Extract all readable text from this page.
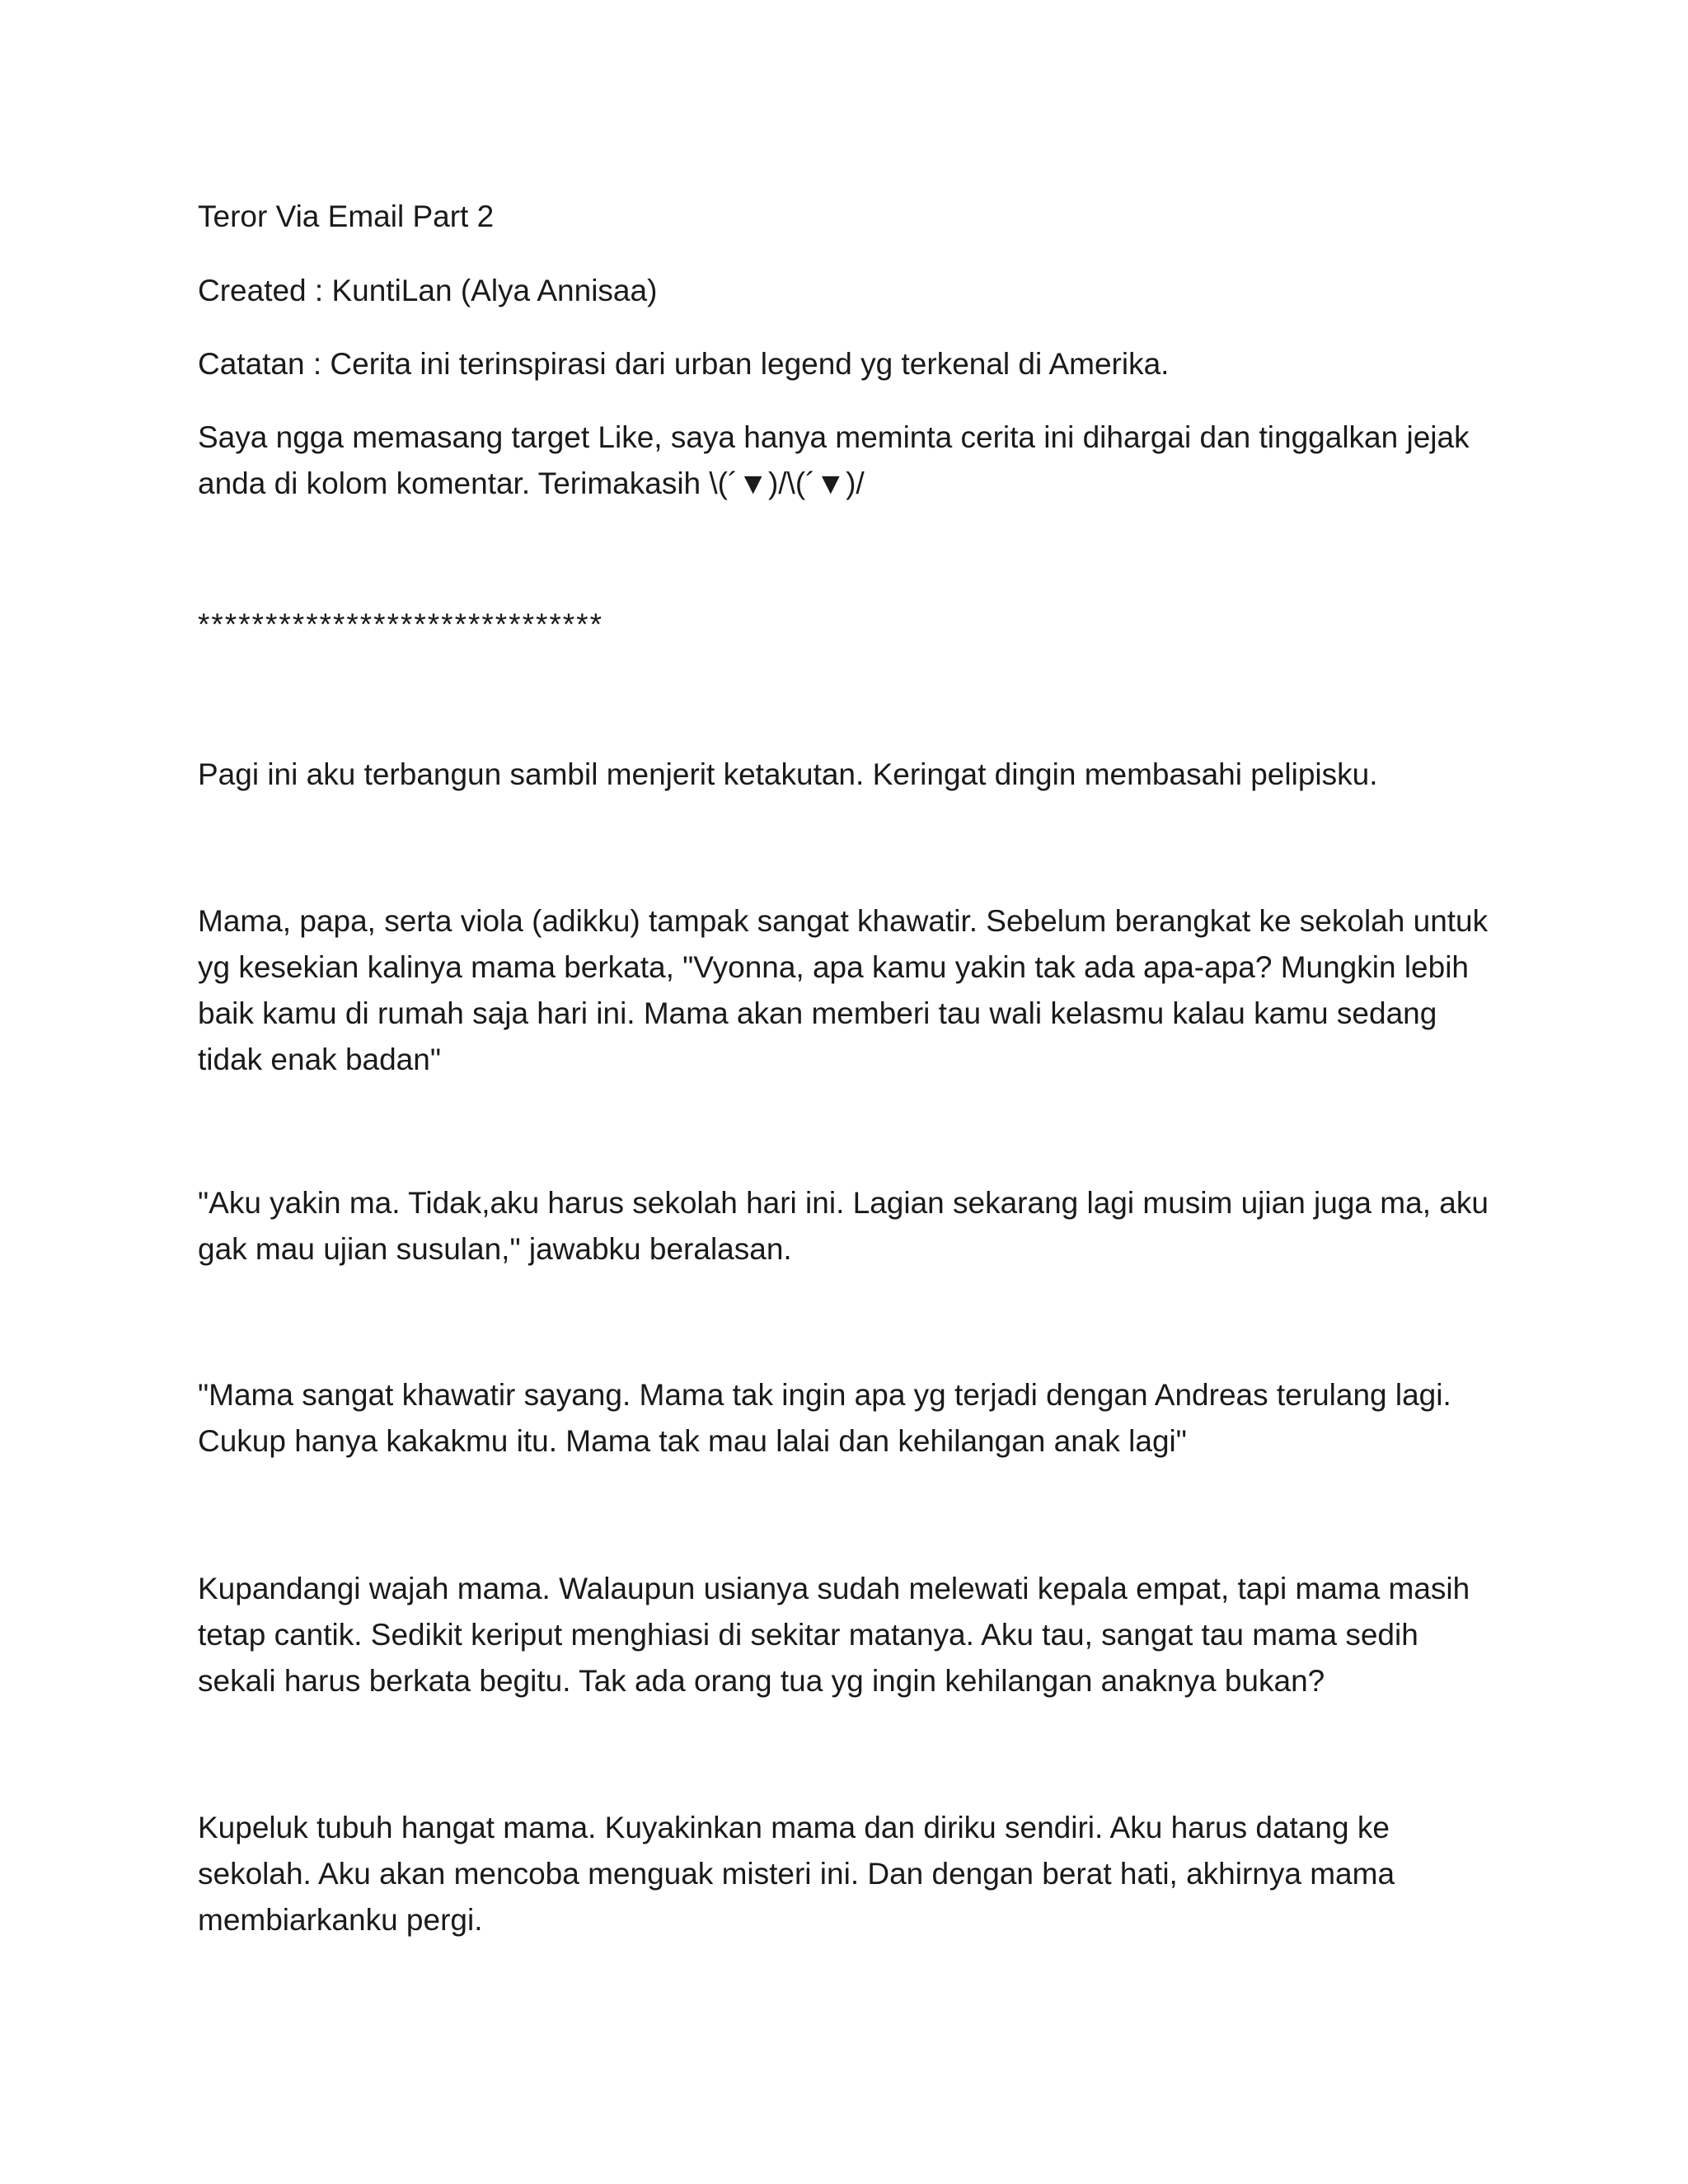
Teror Via Email Part 2

Created : KuntiLan (Alya Annisaa)

Catatan : Cerita ini terinspirasi dari urban legend yg terkenal di Amerika.

Saya ngga memasang target Like, saya hanya meminta cerita ini dihargai dan tinggalkan jejak anda di kolom komentar. Terimakasih \(´▼)/\(´▼)/

******************************

Pagi ini aku terbangun sambil menjerit ketakutan. Keringat dingin membasahi pelipisku.

Mama, papa, serta viola (adikku) tampak sangat khawatir. Sebelum berangkat ke sekolah untuk yg kesekian kalinya mama berkata, "Vyonna, apa kamu yakin tak ada apa-apa? Mungkin lebih baik kamu di rumah saja hari ini. Mama akan memberi tau wali kelasmu kalau kamu sedang tidak enak badan"

"Aku yakin ma. Tidak,aku harus sekolah hari ini. Lagian sekarang lagi musim ujian juga ma, aku gak mau ujian susulan," jawabku beralasan.

"Mama sangat khawatir sayang. Mama tak ingin apa yg terjadi dengan Andreas terulang lagi. Cukup hanya kakakmu itu. Mama tak mau lalai dan kehilangan anak lagi"

Kupandangi wajah mama. Walaupun usianya sudah melewati kepala empat, tapi mama masih tetap cantik. Sedikit keriput menghiasi di sekitar matanya. Aku tau, sangat tau mama sedih sekali harus berkata begitu. Tak ada orang tua yg ingin kehilangan anaknya bukan?

Kupeluk tubuh hangat mama. Kuyakinkan mama dan diriku sendiri. Aku harus datang ke sekolah. Aku akan mencoba menguak misteri ini. Dan dengan berat hati, akhirnya mama membiarkanku pergi.
